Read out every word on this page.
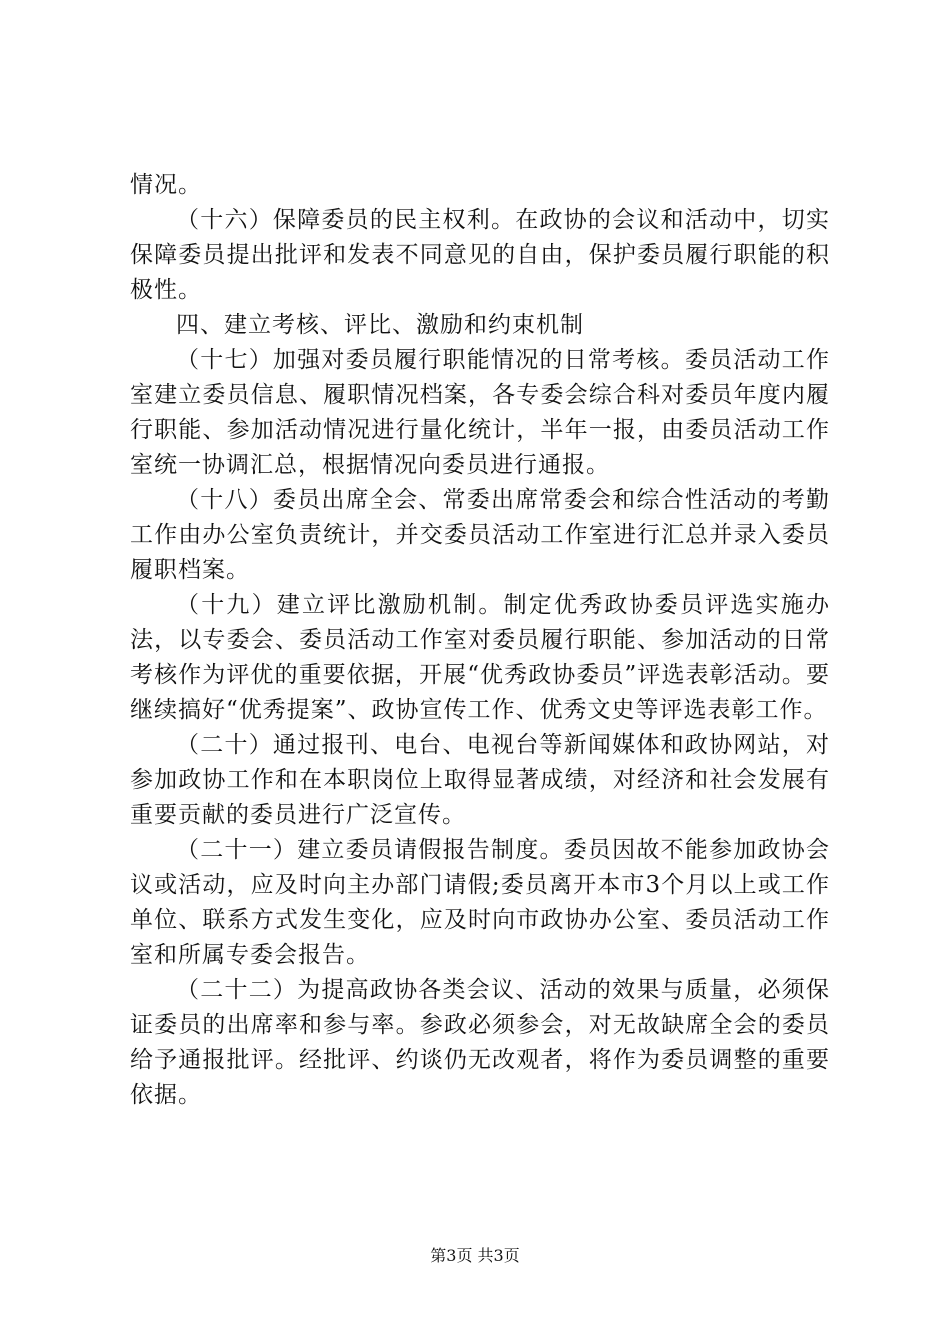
情况。

（十六）保障委员的民主权利。在政协的会议和活动中，切实保障委员提出批评和发表不同意见的自由，保护委员履行职能的积极性。

四、建立考核、评比、激励和约束机制

（十七）加强对委员履行职能情况的日常考核。委员活动工作室建立委员信息、履职情况档案，各专委会综合科对委员年度内履行职能、参加活动情况进行量化统计，半年一报，由委员活动工作室统一协调汇总，根据情况向委员进行通报。

（十八）委员出席全会、常委出席常委会和综合性活动的考勤工作由办公室负责统计，并交委员活动工作室进行汇总并录入委员履职档案。

（十九）建立评比激励机制。制定优秀政协委员评选实施办法，以专委会、委员活动工作室对委员履行职能、参加活动的日常考核作为评优的重要依据，开展“优秀政协委员”评选表彰活动。要继续搞好“优秀提案”、政协宣传工作、优秀文史等评选表彰工作。

（二十）通过报刊、电台、电视台等新闻媒体和政协网站，对参加政协工作和在本职岗位上取得显著成绩，对经济和社会发展有重要贡献的委员进行广泛宣传。

（二十一）建立委员请假报告制度。委员因故不能参加政协会议或活动，应及时向主办部门请假;委员离开本市3个月以上或工作单位、联系方式发生变化，应及时向市政协办公室、委员活动工作室和所属专委会报告。

（二十二）为提高政协各类会议、活动的效果与质量，必须保证委员的出席率和参与率。参政必须参会，对无故缺席全会的委员给予通报批评。经批评、约谈仍无改观者，将作为委员调整的重要依据。

第3页 共3页
